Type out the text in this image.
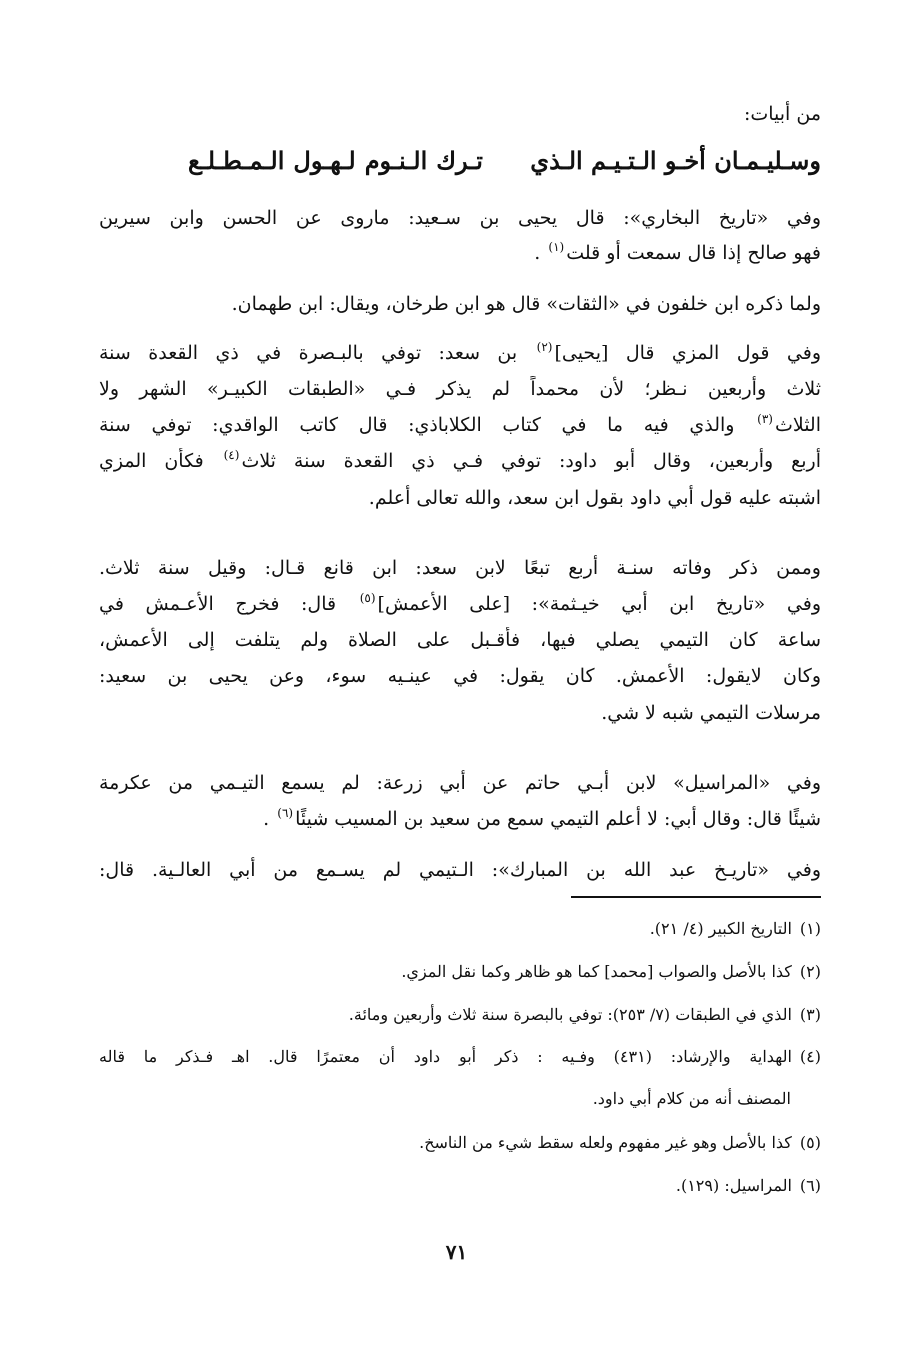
من أبيات:
وسـليـمـان أخـو الـتـيـم الـذي
تـرك الـنـوم لـهـول الـمـطـلـع
وفي «تاريخ البخاري»: قال يحيى بن سـعيد: ماروى عن الحسن وابن سيرين
فهو صالح إذا قال سمعت أو قلت$^{(١)}$ .
ولما ذكره ابن خلفون في «الثقات» قال هو ابن طرخان، ويقال: ابن طهمان.
وفي قول المزي قال [يحيى]$^{(٢)}$ بن سعد: توفي بالبـصرة في ذي القعدة سنة
ثلاث وأربعين نـظر؛ لأن محمداً لم يذكر فـي «الطبقات الكبيـر» الشهر ولا
الثلاث$^{(٣)}$ والذي فيه ما في كتاب الكلاباذي: قال كاتب الواقدي: توفي سنة
أربع وأربعين، وقال أبو داود: توفي فـي ذي القعدة سنة ثلاث$^{(٤)}$ فكأن المزي
اشبته عليه قول أبي داود بقول ابن سعد، والله تعالى أعلم.
وممن ذكر وفاته سنـة أربع تبعًا لابن سعد: ابن قانع قـال: وقيل سنة ثلاث.
وفي «تاريخ ابن أبي خيـثمة»: [على الأعمش]$^{(٥)}$ قال: فخرج الأعـمش في
ساعة كان التيمي يصلي فيها، فأقـبل على الصلاة ولم يتلفت إلى الأعمش،
وكان لايقول: الأعمش. كان يقول: في عينـيه سوء، وعن يحيى بن سعيد:
مرسلات التيمي شبه لا شي.
وفي «المراسيل» لابن أبـي حاتم عن أبي زرعة: لم يسمع التيـمي من عكرمة
شيئًا قال: وقال أبي: لا أعلم التيمي سمع من سعيد بن المسيب شيئًا$^{(٦)}$ .
وفي «تاريـخ عبد الله بن المبارك»: الـتيمي لم يسـمع من أبي العالـية. قال:
(١)التاريخ الكبير (٤/ ٢١).
(٢)كذا بالأصل والصواب [محمد] كما هو ظاهر وكما نقل المزي.
(٣)الذي في الطبقات (٧/ ٢٥٣): توفي بالبصرة سنة ثلاث وأربعين ومائة.
(٤)الهداية والإرشاد: (٤٣١) وفـيه : ذكر أبو داود أن معتمرًا قال. اهـ فـذكر ما قاله
المصنف أنه من كلام أبي داود.
(٥)كذا بالأصل وهو غير مفهوم ولعله سقط شيء من الناسخ.
(٦)المراسيل: (١٢٩).
٧١
